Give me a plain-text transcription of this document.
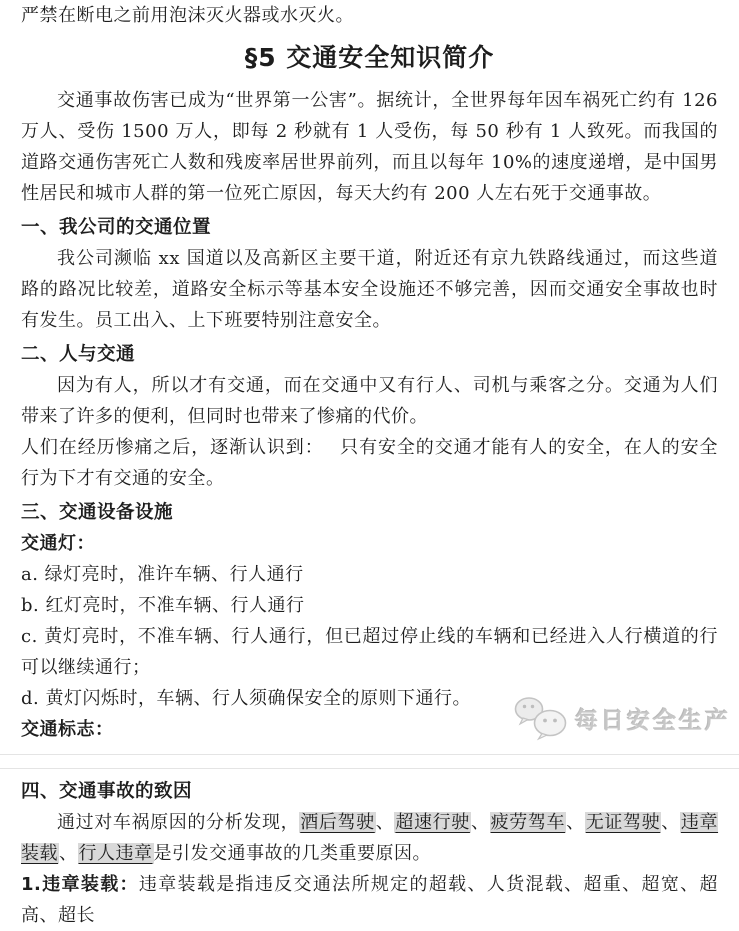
严禁在断电之前用泡沫灭火器或水灭火。

§5 交通安全知识简介

交通事故伤害已成为“世界第一公害”。据统计，全世界每年因车祸死亡约有 126 万人、受伤 1500 万人，即每 2 秒就有 1 人受伤，每 50 秒有 1 人致死。而我国的道路交通伤害死亡人数和残废率居世界前列，而且以每年 10%的速度递增，是中国男性居民和城市人群的第一位死亡原因，每天大约有 200 人左右死于交通事故。

一、我公司的交通位置

我公司濒临 xx 国道以及高新区主要干道，附近还有京九铁路线通过，而这些道路的路况比较差，道路安全标示等基本安全设施还不够完善，因而交通安全事故也时有发生。员工出入、上下班要特别注意安全。

二、人与交通

因为有人，所以才有交通，而在交通中又有行人、司机与乘客之分。交通为人们带来了许多的便利，但同时也带来了惨痛的代价。

人们在经历惨痛之后，逐渐认识到：　 只有安全的交通才能有人的安全，在人的安全行为下才有交通的安全。

三、交通设备设施

交通灯：

a. 绿灯亮时，准许车辆、行人通行

b. 红灯亮时，不准车辆、行人通行

c. 黄灯亮时，不准车辆、行人通行，但已超过停止线的车辆和已经进入人行横道的行可以继续通行；

d. 黄灯闪烁时，车辆、行人须确保安全的原则下通行。

交通标志：	每日安全生产
四、交通事故的致因

通过对车祸原因的分析发现，酒后驾驶、超速行驶、疲劳驾车、无证驾驶、违章装载、行人违章是引发交通事故的几类重要原因。

1.违章装载：违章装载是指违反交通法所规定的超载、人货混载、超重、超宽、超高、超长
